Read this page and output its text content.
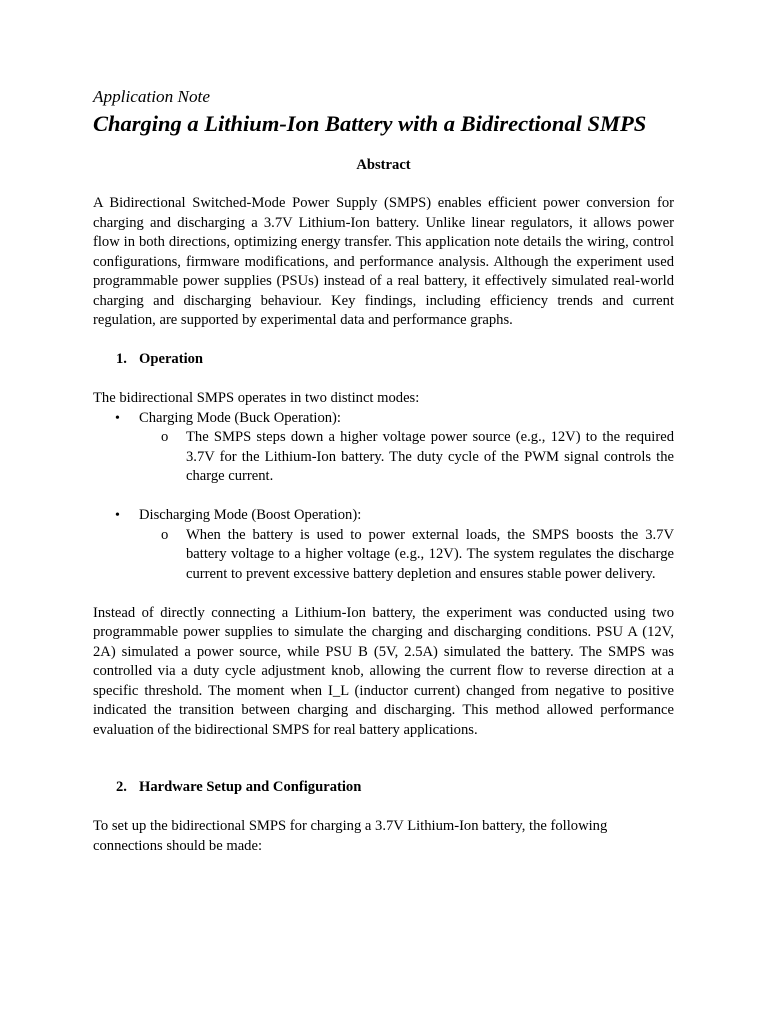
Application Note

Charging a Lithium-Ion Battery with a Bidirectional SMPS

Abstract

A Bidirectional Switched-Mode Power Supply (SMPS) enables efficient power conversion for charging and discharging a 3.7V Lithium-Ion battery. Unlike linear regulators, it allows power flow in both directions, optimizing energy transfer. This application note details the wiring, control configurations, firmware modifications, and performance analysis. Although the experiment used programmable power supplies (PSUs) instead of a real battery, it effectively simulated real-world charging and discharging behaviour. Key findings, including efficiency trends and current regulation, are supported by experimental data and performance graphs.

1. Operation

The bidirectional SMPS operates in two distinct modes:

• Charging Mode (Buck Operation):
o The SMPS steps down a higher voltage power source (e.g., 12V) to the required 3.7V for the Lithium-Ion battery. The duty cycle of the PWM signal controls the charge current.
• Discharging Mode (Boost Operation):
o When the battery is used to power external loads, the SMPS boosts the 3.7V battery voltage to a higher voltage (e.g., 12V). The system regulates the discharge current to prevent excessive battery depletion and ensures stable power delivery.

Instead of directly connecting a Lithium-Ion battery, the experiment was conducted using two programmable power supplies to simulate the charging and discharging conditions. PSU A (12V, 2A) simulated a power source, while PSU B (5V, 2.5A) simulated the battery. The SMPS was controlled via a duty cycle adjustment knob, allowing the current flow to reverse direction at a specific threshold. The moment when I_L (inductor current) changed from negative to positive indicated the transition between charging and discharging. This method allowed performance evaluation of the bidirectional SMPS for real battery applications.

2. Hardware Setup and Configuration

To set up the bidirectional SMPS for charging a 3.7V Lithium-Ion battery, the following connections should be made:
